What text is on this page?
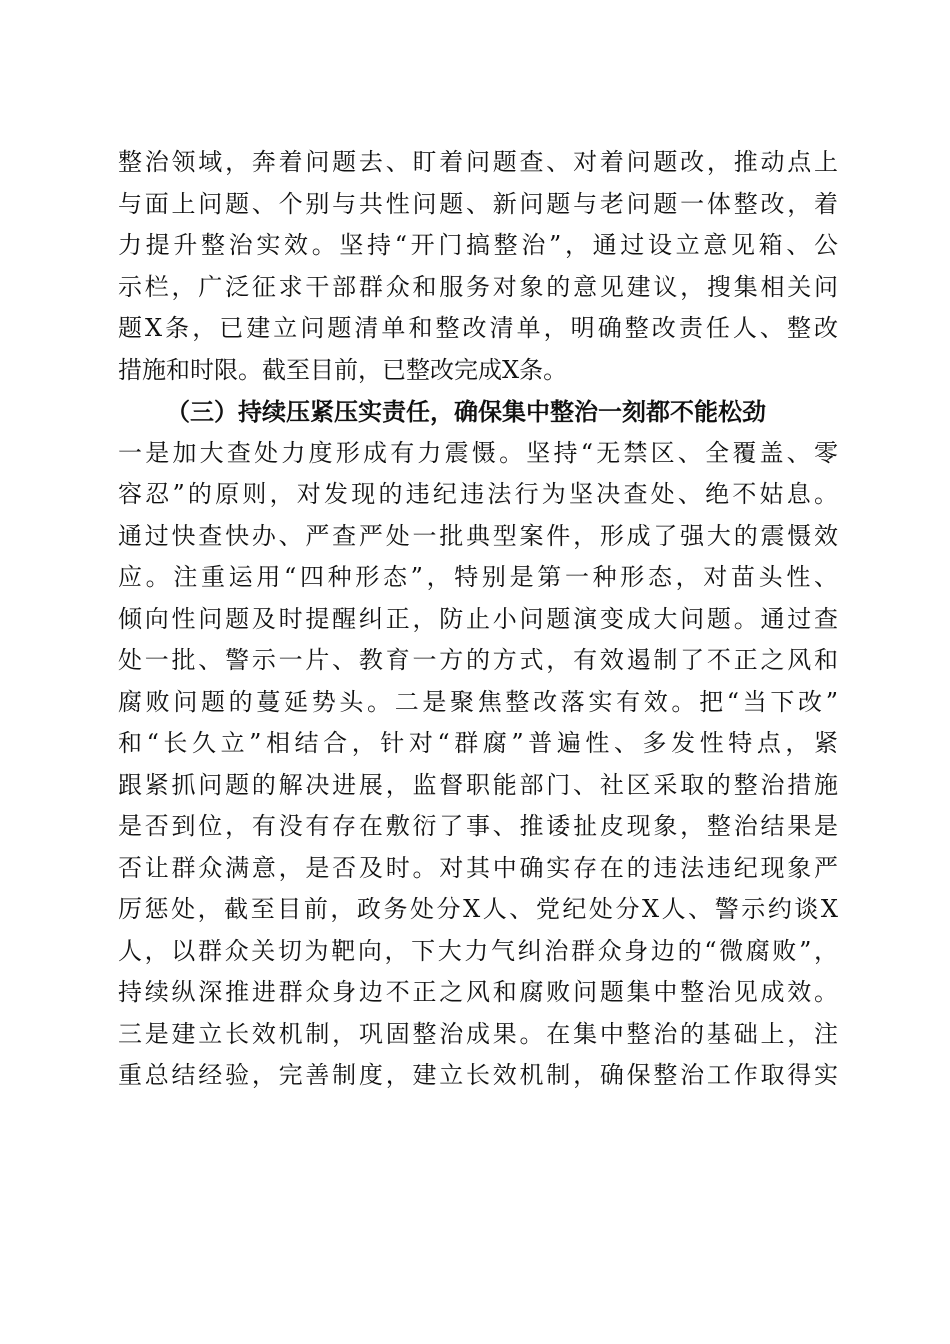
整治领域，奔着问题去、盯着问题查、对着问题改，推动点上
与面上问题、个别与共性问题、新问题与老问题一体整改，着
力提升整治实效。坚持“开门搞整治”，通过设立意见箱、公
示栏，广泛征求干部群众和服务对象的意见建议，搜集相关问
题X条，已建立问题清单和整改清单，明确整改责任人、整改
措施和时限。截至目前，已整改完成X条。
（三）持续压紧压实责任，确保集中整治一刻都不能松劲
一是加大查处力度形成有力震慑。坚持“无禁区、全覆盖、零
容忍”的原则，对发现的违纪违法行为坚决查处、绝不姑息。
通过快查快办、严查严处一批典型案件，形成了强大的震慑效
应。注重运用“四种形态”，特别是第一种形态，对苗头性、
倾向性问题及时提醒纠正，防止小问题演变成大问题。通过查
处一批、警示一片、教育一方的方式，有效遏制了不正之风和
腐败问题的蔓延势头。二是聚焦整改落实有效。把“当下改”
和“长久立”相结合，针对“群腐”普遍性、多发性特点，紧
跟紧抓问题的解决进展，监督职能部门、社区采取的整治措施
是否到位，有没有存在敷衍了事、推诿扯皮现象，整治结果是
否让群众满意，是否及时。对其中确实存在的违法违纪现象严
厉惩处，截至目前，政务处分X人、党纪处分X人、警示约谈X
人，以群众关切为靶向，下大力气纠治群众身边的“微腐败”，
持续纵深推进群众身边不正之风和腐败问题集中整治见成效。
三是建立长效机制，巩固整治成果。在集中整治的基础上，注
重总结经验，完善制度，建立长效机制，确保整治工作取得实
